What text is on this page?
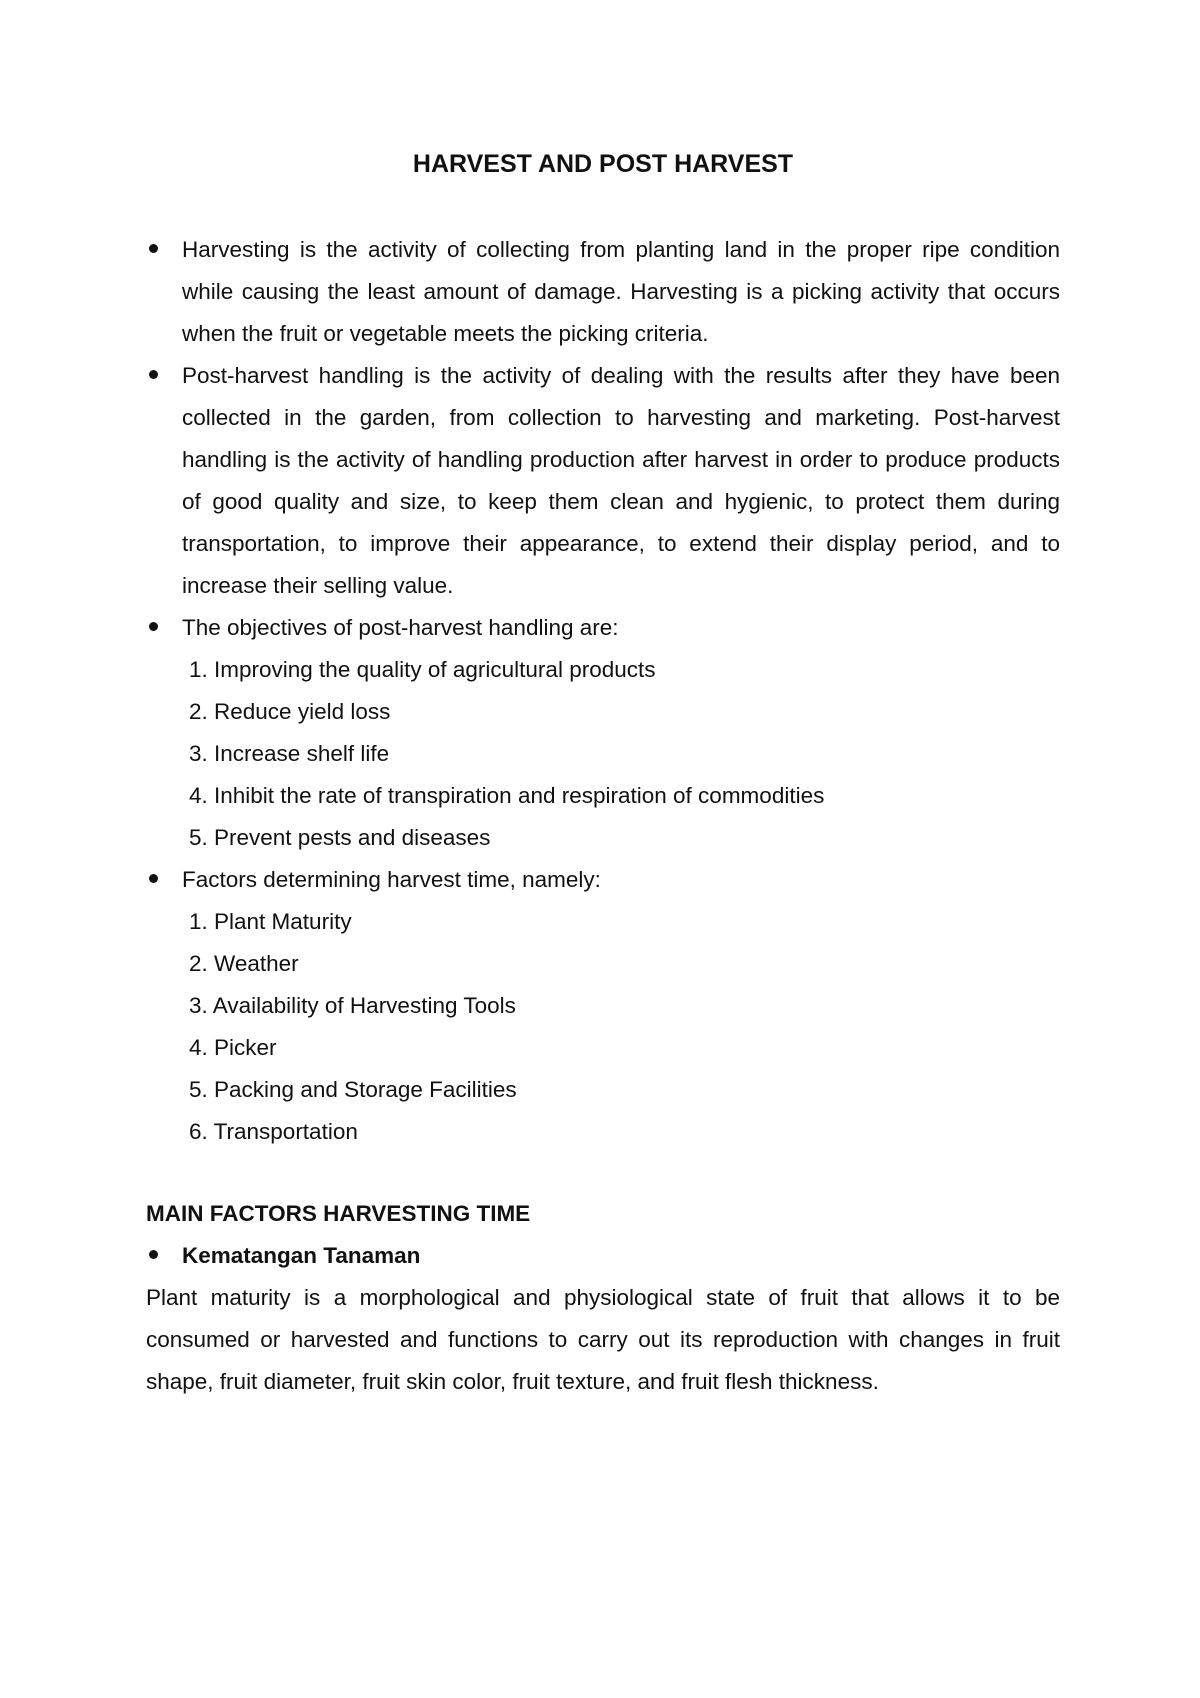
HARVEST AND POST HARVEST
Harvesting is the activity of collecting from planting land in the proper ripe condition while causing the least amount of damage. Harvesting is a picking activity that occurs when the fruit or vegetable meets the picking criteria.
Post-harvest handling is the activity of dealing with the results after they have been collected in the garden, from collection to harvesting and marketing. Post-harvest handling is the activity of handling production after harvest in order to produce products of good quality and size, to keep them clean and hygienic, to protect them during transportation, to improve their appearance, to extend their display period, and to increase their selling value.
The objectives of post-harvest handling are:
1. Improving the quality of agricultural products
2. Reduce yield loss
3. Increase shelf life
4. Inhibit the rate of transpiration and respiration of commodities
5. Prevent pests and diseases
Factors determining harvest time, namely:
1. Plant Maturity
2. Weather
3. Availability of Harvesting Tools
4. Picker
5. Packing and Storage Facilities
6. Transportation
MAIN FACTORS HARVESTING TIME
Kematangan Tanaman

Plant maturity is a morphological and physiological state of fruit that allows it to be consumed or harvested and functions to carry out its reproduction with changes in fruit shape, fruit diameter, fruit skin color, fruit texture, and fruit flesh thickness.
